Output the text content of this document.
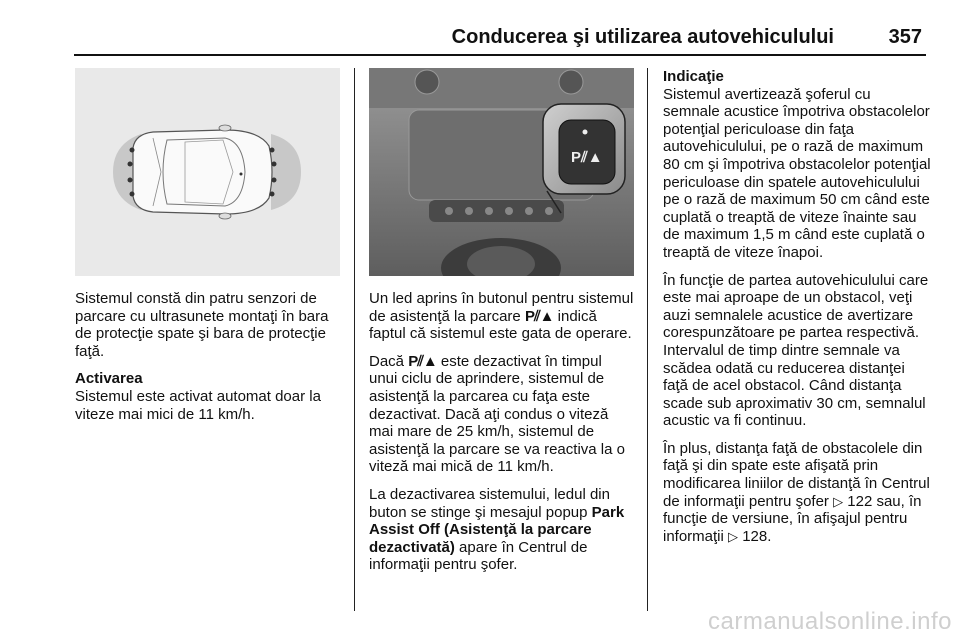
Conducerea şi utilizarea autovehiculului	357

Sistemul constă din patru senzori de parcare cu ultrasunete montaţi în bara de protecţie spate şi bara de protecţie faţă.

Activarea

Sistemul este activat automat doar la viteze mai mici de 11 km/h.

P⫽▲

Un led aprins în butonul pentru sistemul de asistenţă la parcare P⫽▲ indică faptul că sistemul este gata de operare.

Dacă P⫽▲ este dezactivat în timpul unui ciclu de aprindere, sistemul de asistenţă la parcarea cu faţa este dezactivat. Dacă aţi condus o viteză mai mare de 25 km/h, sistemul de asistenţă la parcare se va reactiva la o viteză mai mică de 11 km/h.

La dezactivarea sistemului, ledul din buton se stinge şi mesajul popup Park Assist Off (Asistenţă la parcare dezactivată) apare în Centrul de informaţii pentru şofer.

Indicaţie

Sistemul avertizează şoferul cu semnale acustice împotriva obstacolelor potenţial periculoase din faţa autovehiculului, pe o rază de maximum 80 cm şi împotriva obstacolelor potenţial periculoase din spatele autovehiculului pe o rază de maximum 50 cm când este cuplată o treaptă de viteze înainte sau de maximum 1,5 m când este cuplată o treaptă de viteze înapoi.

În funcţie de partea autovehiculului care este mai aproape de un obstacol, veţi auzi semnalele acustice de avertizare corespunzătoare pe partea respectivă. Intervalul de timp dintre semnale va scădea odată cu reducerea distanţei faţă de acel obstacol. Când distanţa scade sub aproximativ 30 cm, semnalul acustic va fi continuu.

În plus, distanţa faţă de obstacolele din faţă şi din spate este afişată prin modificarea liniilor de distanţă în Centrul de informaţii pentru şofer ▷ 122 sau, în funcţie de versiune, în afişajul pentru informaţii ▷ 128.

carmanualsonline.info
